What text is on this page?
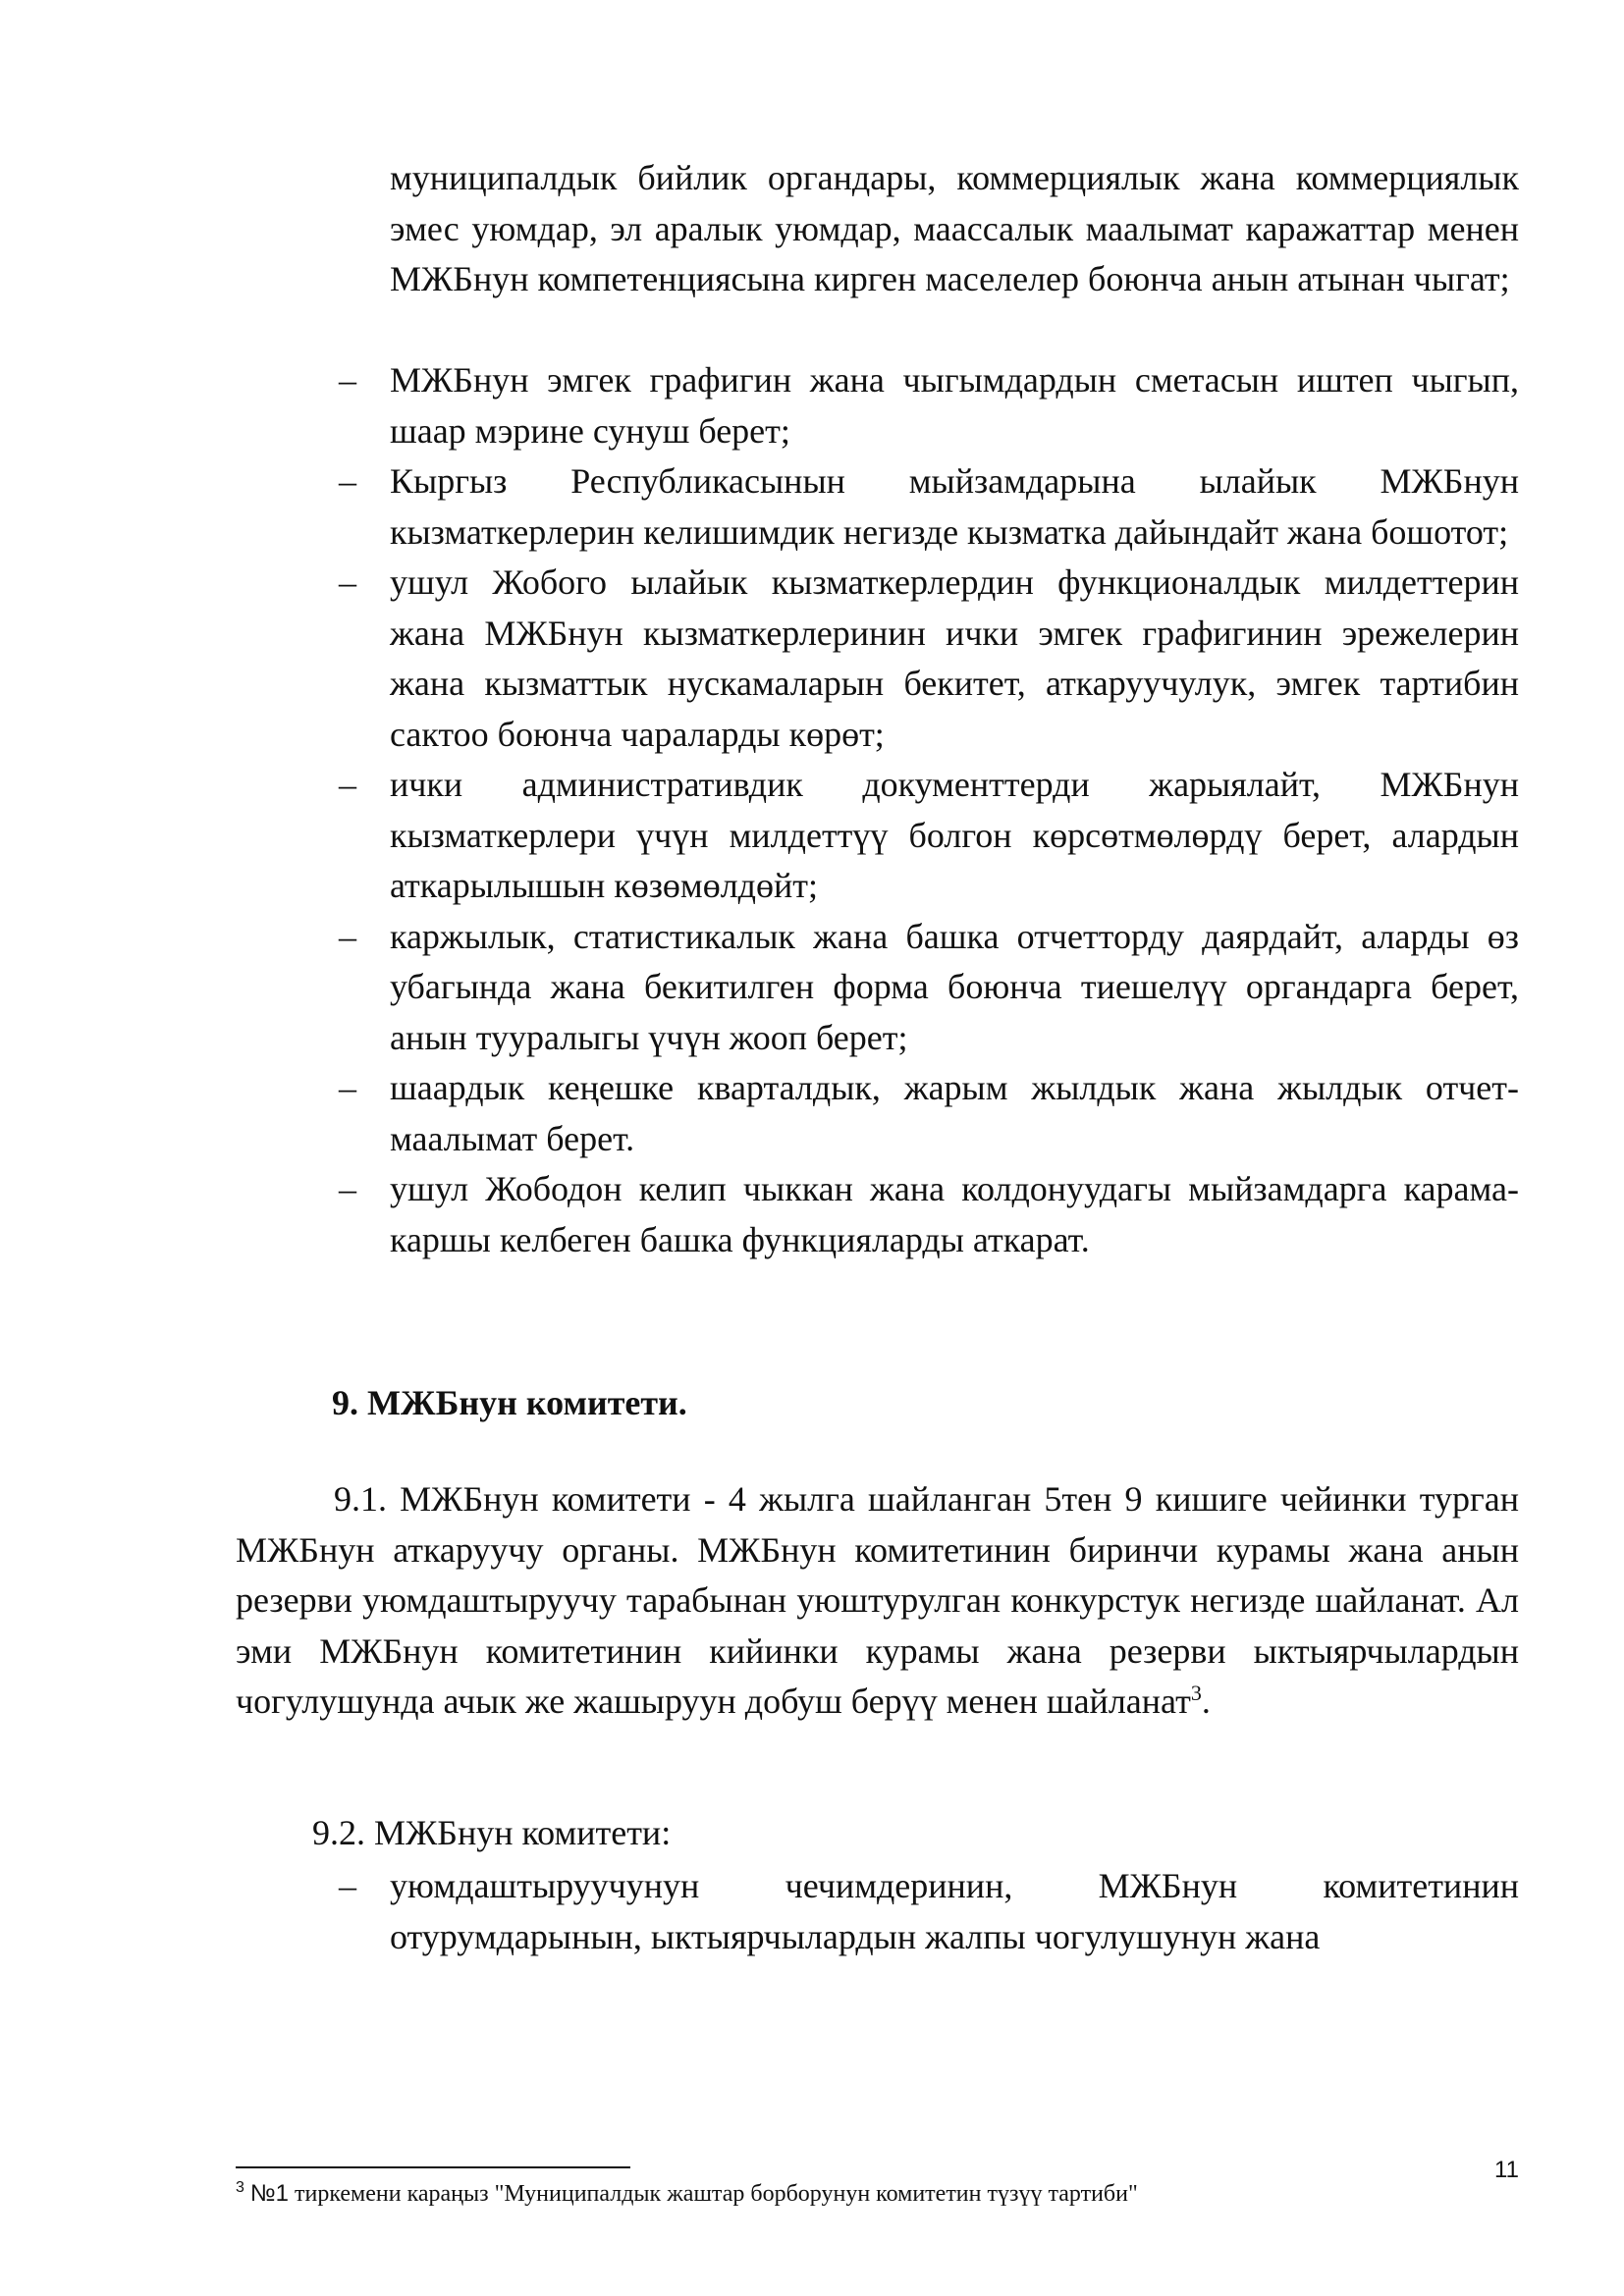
муниципалдык бийлик органдары, коммерциялык жана коммерциялык эмес уюмдар, эл аралык уюмдар, маассалык маалымат каражаттар менен МЖБнун компетенциясына кирген маселелер боюнча анын атынан чыгат;
– МЖБнун эмгек графигин жана чыгымдардын сметасын иштеп чыгып, шаар мэрине сунуш берет;
– Кыргыз Республикасынын мыйзамдарына ылайык МЖБнун кызматкерлерин келишимдик негизде кызматка дайындайт жана бошотот;
– ушул Жобого ылайык кызматкерлердин функционалдык милдеттерин жана МЖБнун кызматкерлеринин ички эмгек графигинин эрежелерин жана кызматтык нускамаларын бекитет, аткаруучулук, эмгек тартибин сактоо боюнча чараларды көрөт;
– ички административдик документтерди жарыялайт, МЖБнун кызматкерлери үчүн милдеттүү болгон көрсөтмөлөрдү берет, алардын аткарылышын көзөмөлдөйт;
– каржылык, статистикалык жана башка отчетторду даярдайт, аларды өз убагында жана бекитилген форма боюнча тиешелүү органдарга берет, анын тууралыгы үчүн жооп берет;
– шаардык кеңешке кварталдык, жарым жылдык жана жылдык отчет-маалымат берет.
– ушул Жободон келип чыккан жана колдонуудагы мыйзамдарга карама-каршы келбеген башка функцияларды аткарат.
9. МЖБнун комитети.
9.1. МЖБнун комитети - 4 жылга шайланган 5тен 9 кишиге чейинки турган МЖБнун аткаруучу органы. МЖБнун комитетинин биринчи курамы жана анын резерви уюмдаштыруучу тарабынан уюштурулган конкурстук негизде шайланат. Ал эми МЖБнун комитетинин кийинки курамы жана резерви ыктыярчылардын чогулушунда ачык же жашыруун добуш берүү менен шайланат$^3$.
9.2. МЖБнун комитети:
– уюмдаштыруучунун чечимдеринин, МЖБнун комитетинин отурумдарынын, ыктыярчылардын жалпы чогулушунун жана
$^3$ №1 тиркемени караңыз "Муниципалдык жаштар борборунун комитетин түзүү тартиби"
11
